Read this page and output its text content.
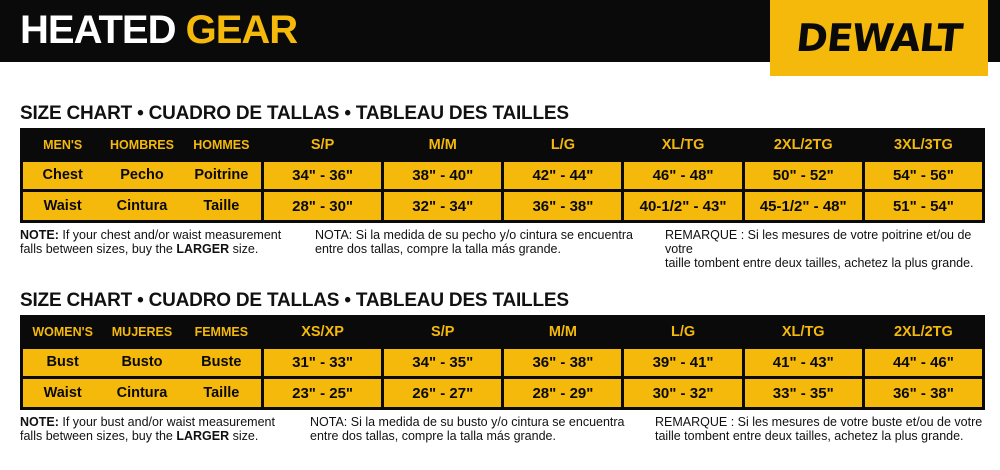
HEATED GEAR	DEWALT
SIZE CHART • CUADRO DE TALLAS • TABLEAU DES TAILLES
MEN'S	HOMBRES	HOMMES	S/P	M/M	L/G	XL/TG	2XL/2TG	3XL/3TG
Chest	Pecho	Poitrine	34" - 36"	38" - 40"	42" - 44"	46" - 48"	50" - 52"	54" - 56"
Waist	Cintura	Taille	28" - 30"	32" - 34"	36" - 38"	40-1/2" - 43"	45-1/2" - 48"	51" - 54"
NOTE: If your chest and/or waist measurement
falls between sizes, buy the LARGER size.
NOTA: Si la medida de su pecho y/o cintura se encuentra
entre dos tallas, compre la talla más grande.
REMARQUE : Si les mesures de votre poitrine et/ou de votre
taille tombent entre deux tailles, achetez la plus grande.
SIZE CHART • CUADRO DE TALLAS • TABLEAU DES TAILLES
WOMEN'S	MUJERES	FEMMES	XS/XP	S/P	M/M	L/G	XL/TG	2XL/2TG
Bust	Busto	Buste	31" - 33"	34" - 35"	36" - 38"	39" - 41"	41" - 43"	44" - 46"
Waist	Cintura	Taille	23" - 25"	26" - 27"	28" - 29"	30" - 32"	33" - 35"	36" - 38"
NOTE: If your bust and/or waist measurement
falls between sizes, buy the LARGER size.
NOTA: Si la medida de su busto y/o cintura se encuentra
entre dos tallas, compre la talla más grande.
REMARQUE : Si les mesures de votre buste et/ou de votre
taille tombent entre deux tailles, achetez la plus grande.
